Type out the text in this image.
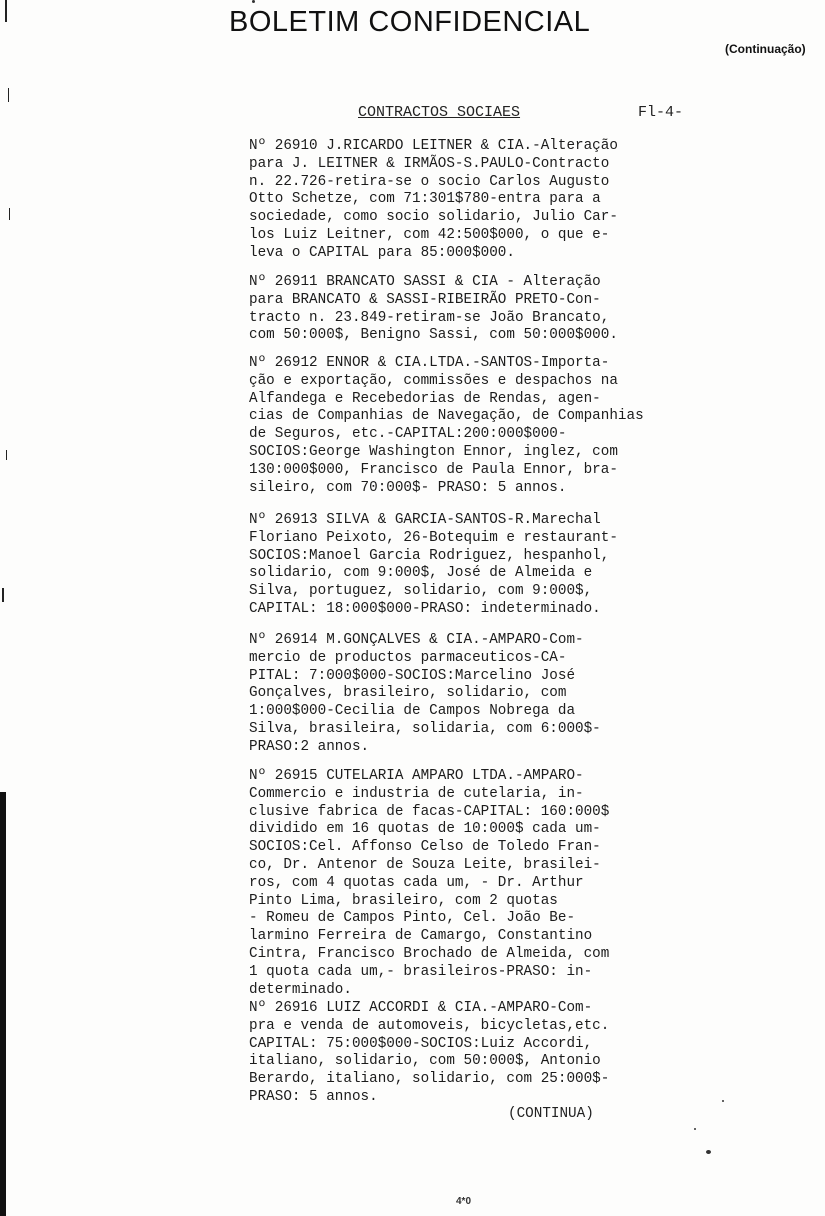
BOLETIM CONFIDENCIAL
(Continuação)
CONTRACTOS SOCIAES	Fl-4-
Nº 26910 J.RICARDO LEITNER & CIA.-Alteração
para J. LEITNER & IRMÃOS-S.PAULO-Contracto
n. 22.726-retira-se o socio Carlos Augusto
Otto Schetze, com 71:301$780-entra para a
sociedade, como socio solidario, Julio Car-
los Luiz Leitner, com 42:500$000, o que e-
leva o CAPITAL para 85:000$000.
Nº 26911 BRANCATO SASSI & CIA - Alteração
para BRANCATO & SASSI-RIBEIRÃO PRETO-Con-
tracto n. 23.849-retiram-se João Brancato,
com 50:000$, Benigno Sassi, com 50:000$000.
Nº 26912 ENNOR & CIA.LTDA.-SANTOS-Importa-
ção e exportação, commissões e despachos na
Alfandega e Recebedorias de Rendas, agen-
cias de Companhias de Navegação, de Companhias
de Seguros, etc.-CAPITAL:200:000$000-
SOCIOS:George Washington Ennor, inglez, com
130:000$000, Francisco de Paula Ennor, bra-
sileiro, com 70:000$- PRASO: 5 annos.
Nº 26913 SILVA & GARCIA-SANTOS-R.Marechal
Floriano Peixoto, 26-Botequim e restaurant-
SOCIOS:Manoel Garcia Rodriguez, hespanhol,
solidario, com 9:000$, José de Almeida e
Silva, portuguez, solidario, com 9:000$,
CAPITAL: 18:000$000-PRASO: indeterminado.
Nº 26914 M.GONÇALVES & CIA.-AMPARO-Com-
mercio de productos parmaceuticos-CA-
PITAL: 7:000$000-SOCIOS:Marcelino José
Gonçalves, brasileiro, solidario, com
1:000$000-Cecilia de Campos Nobrega da
Silva, brasileira, solidaria, com 6:000$-
PRASO:2 annos.
Nº 26915 CUTELARIA AMPARO LTDA.-AMPARO-
Commercio e industria de cutelaria, in-
clusive fabrica de facas-CAPITAL: 160:000$
dividido em 16 quotas de 10:000$ cada um-
SOCIOS:Cel. Affonso Celso de Toledo Fran-
co, Dr. Antenor de Souza Leite, brasilei-
ros, com 4 quotas cada um, - Dr. Arthur
Pinto Lima, brasileiro, com 2 quotas
- Romeu de Campos Pinto, Cel. João Be-
larmino Ferreira de Camargo, Constantino
Cintra, Francisco Brochado de Almeida, com
1 quota cada um,- brasileiros-PRASO: in-
determinado.
Nº 26916 LUIZ ACCORDI & CIA.-AMPARO-Com-
pra e venda de automoveis, bicycletas,etc.
CAPITAL: 75:000$000-SOCIOS:Luiz Accordi,
italiano, solidario, com 50:000$, Antonio
Berardo, italiano, solidario, com 25:000$-
PRASO: 5 annos.
(CONTINUA)
4*0
